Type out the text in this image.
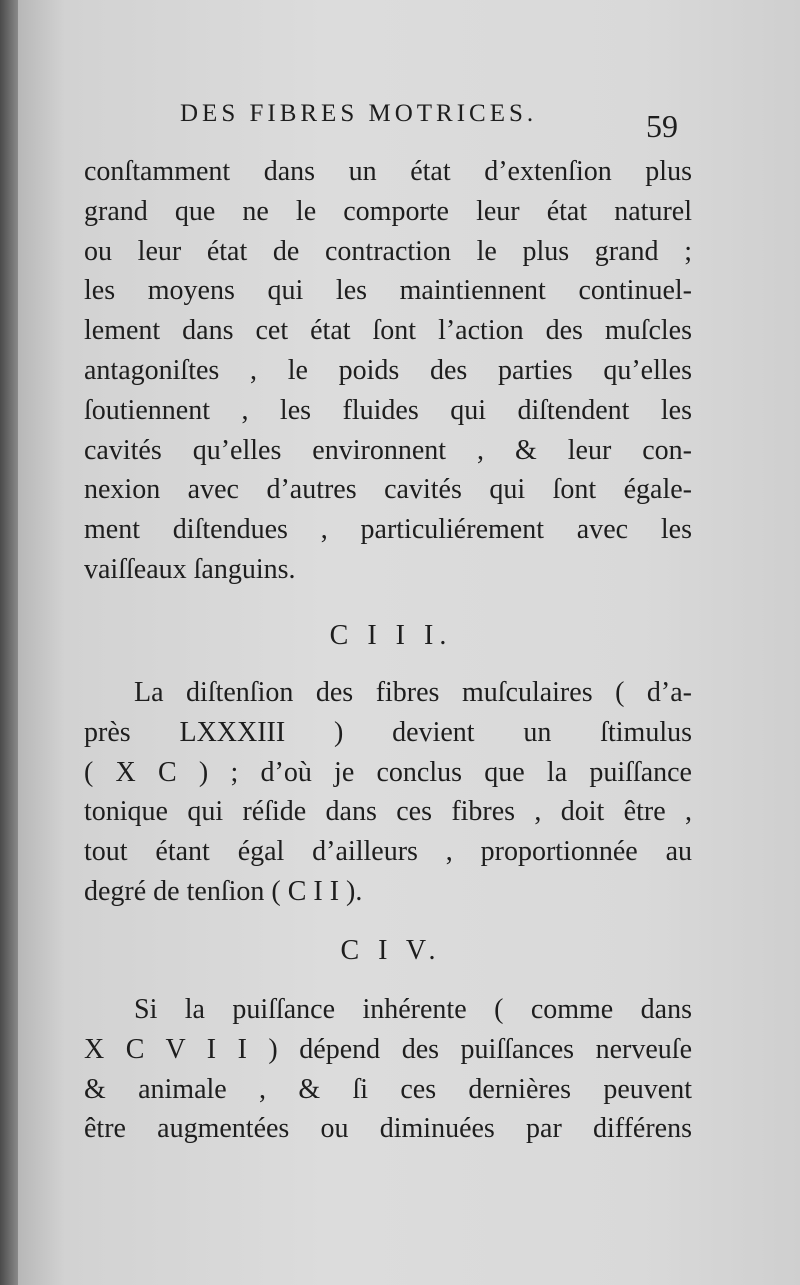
DES FIBRES MOTRICES.	59
conſtamment dans un état d’extenſion plus
grand que ne le comporte leur état naturel
ou leur état de contraction le plus grand ;
les moyens qui les maintiennent continuel-
lement dans cet état ſont l’action des muſcles
antagoniſtes , le poids des parties qu’elles
ſoutiennent , les fluides qui diſtendent les
cavités qu’elles environnent , & leur con-
nexion avec d’autres cavités qui ſont égale-
ment diſtendues , particuliérement avec les
vaiſſeaux ſanguins.
C I I I.
La diſtenſion des fibres muſculaires ( d’a-
près LXXXIII ) devient un ſtimulus
( X C ) ; d’où je conclus que la puiſſance
tonique qui réſide dans ces fibres , doit être ,
tout étant égal d’ailleurs , proportionnée au
degré de tenſion ( C I I ).
C I V.
Si la puiſſance inhérente ( comme dans
X C V I I ) dépend des puiſſances nerveuſe
& animale , & ſi ces dernières peuvent
être augmentées ou diminuées par différens
